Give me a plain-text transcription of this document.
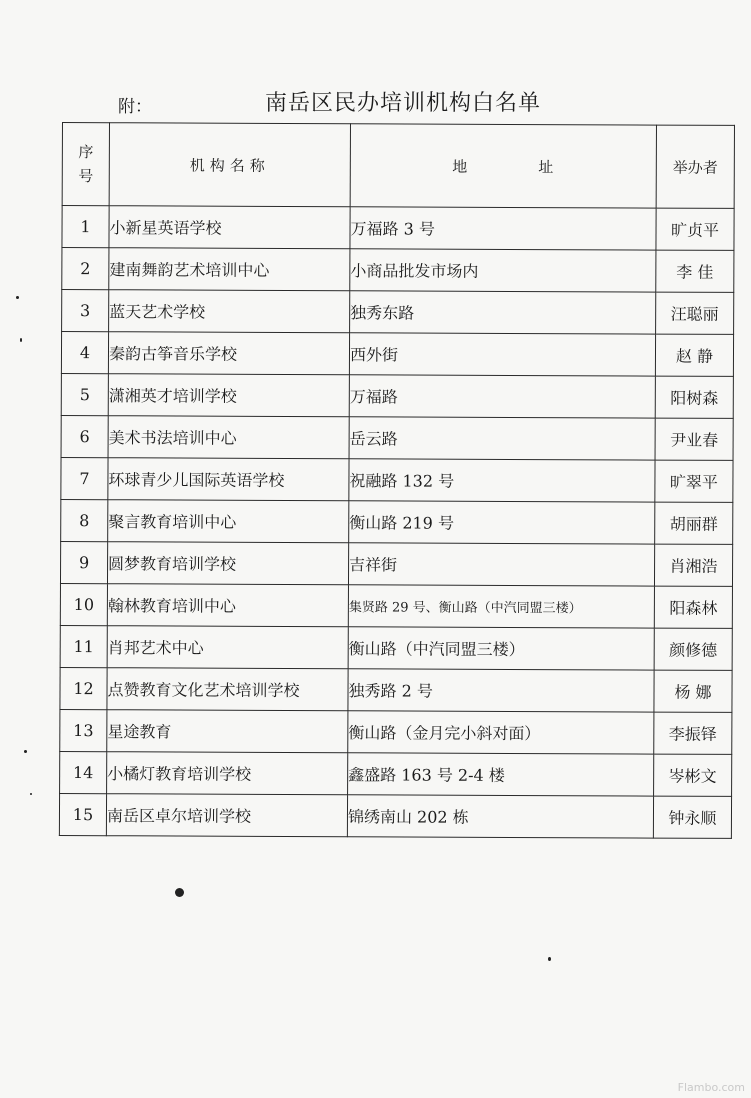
附：	南岳区民办培训机构白名单
序
号	机构名称	地 址	举办者
1	小新星英语学校	万福路 3 号	旷贞平
2	建南舞韵艺术培训中心	小商品批发市场内	李 佳
3	蓝天艺术学校	独秀东路	汪聪丽
4	秦韵古筝音乐学校	西外街	赵 静
5	潇湘英才培训学校	万福路	阳树森
6	美术书法培训中心	岳云路	尹业春
7	环球青少儿国际英语学校	祝融路 132 号	旷翠平
8	聚言教育培训中心	衡山路 219 号	胡丽群
9	圆梦教育培训学校	吉祥街	肖湘浩
10	翰林教育培训中心	集贤路 29 号、衡山路（中汽同盟三楼）	阳森林
11	肖邦艺术中心	衡山路（中汽同盟三楼）	颜修德
12	点赞教育文化艺术培训学校	独秀路 2 号	杨 娜
13	星途教育	衡山路（金月完小斜对面）	李振铎
14	小橘灯教育培训学校	鑫盛路 163 号 2-4 楼	岑彬文
15	南岳区卓尔培训学校	锦绣南山 202 栋	钟永顺
Flambo.com
